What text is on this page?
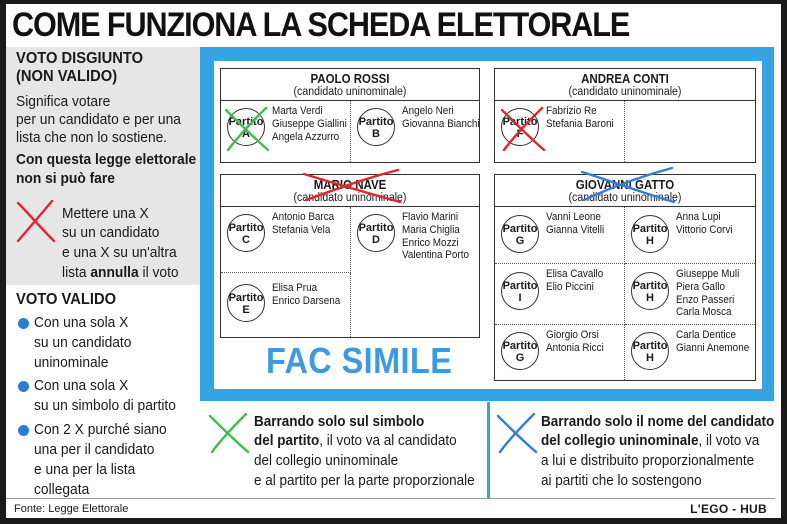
COME FUNZIONA LA SCHEDA ELETTORALE
VOTO DISGIUNTO
(NON VALIDO)
Significa votare
per un candidato e per una
lista che non lo sostiene.
Con questa legge elettorale
non si può fare
Mettere una X
su un candidato
e una X su un'altra
lista annulla il voto
VOTO VALIDO
Con una sola X
su un candidato
uninominale
Con una sola X
su un simbolo di partito
Con 2 X purché siano
una per il candidato
e una per la lista
collegata
PAOLO ROSSI
(candidato uninominale)
Partito
A
Marta Verdi
Giuseppe Giallini
Angela Azzurro
Partito
B
Angelo Neri
Giovanna Bianchi
ANDREA CONTI
(candidato uninominale)
Partito
F
Fabrizio Re
Stefania Baroni
MARIO NAVE
(candidato uninominale)
Partito
C
Antonio Barca
Stefania Vela	Partito
D
Flavio Marini
Maria Chiglia
Enrico Mozzi
Valentina Porto
Partito
E
Elisa Prua
Enrico Darsena
GIOVANNI GATTO
(candidato uninominale)
Partito
G
Vanni Leone
Gianna Vitelli	Partito
H
Anna Lupi
Vittorio Corvi
Partito
I
Elisa Cavallo
Elio Piccini	Partito
H
Giuseppe Muli
Piera Gallo
Enzo Passeri
Carla Mosca
Partito
G
Giorgio Orsi
Antonia Ricci	Partito
H
Carla Dentice
Gianni Anemone
FAC SIMILE
Barrando solo sul simbolo
del partito, il voto va al candidato
del collegio uninominale
e al partito per la parte proporzionale
Barrando solo il nome del candidato
del collegio uninominale, il voto va
a lui e distribuito proporzionalmente
ai partiti che lo sostengono
Fonte: Legge Elettorale	L'EGO - HUB
